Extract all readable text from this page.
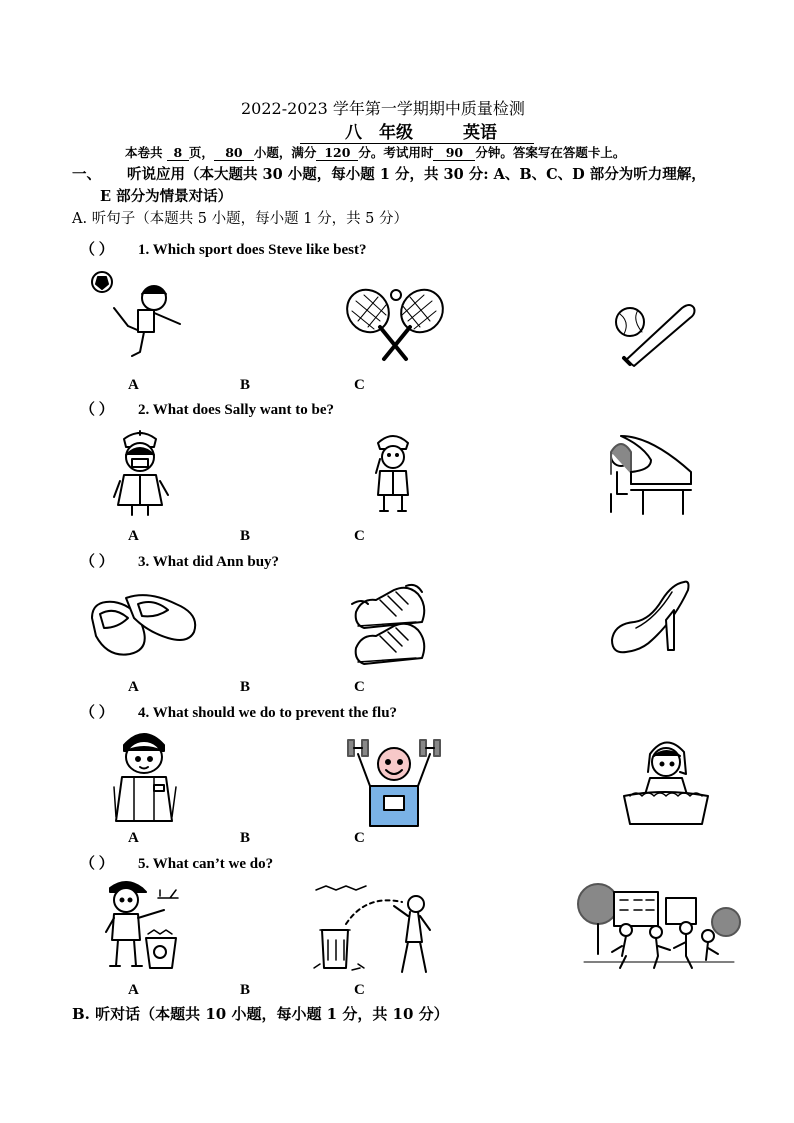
2022-2023 学年第一学期期中质量检测
八 年级	英语
本卷共 8 页， 80 小题，满分 120 分。考试用时 90 分钟。答案写在答题卡上。
一、 听说应用（本大题共 30 小题，每小题 1 分，共 30 分: A、B、C、D 部分为听力理解，
E 部分为情景对话）
A. 听句子（本题共 5 小题，每小题 1 分，共 5 分）
（ ） 1. Which sport does Steve like best?
A	B	C
（ ） 2. What does Sally want to be?
A	B	C
（ ） 3. What did Ann buy?
A	B	C
（ ） 4. What should we do to prevent the flu?
A	B	C
（ ） 5. What can’t we do?
A	B	C
B. 听对话（本题共 10 小题，每小题 1 分，共 10 分）
